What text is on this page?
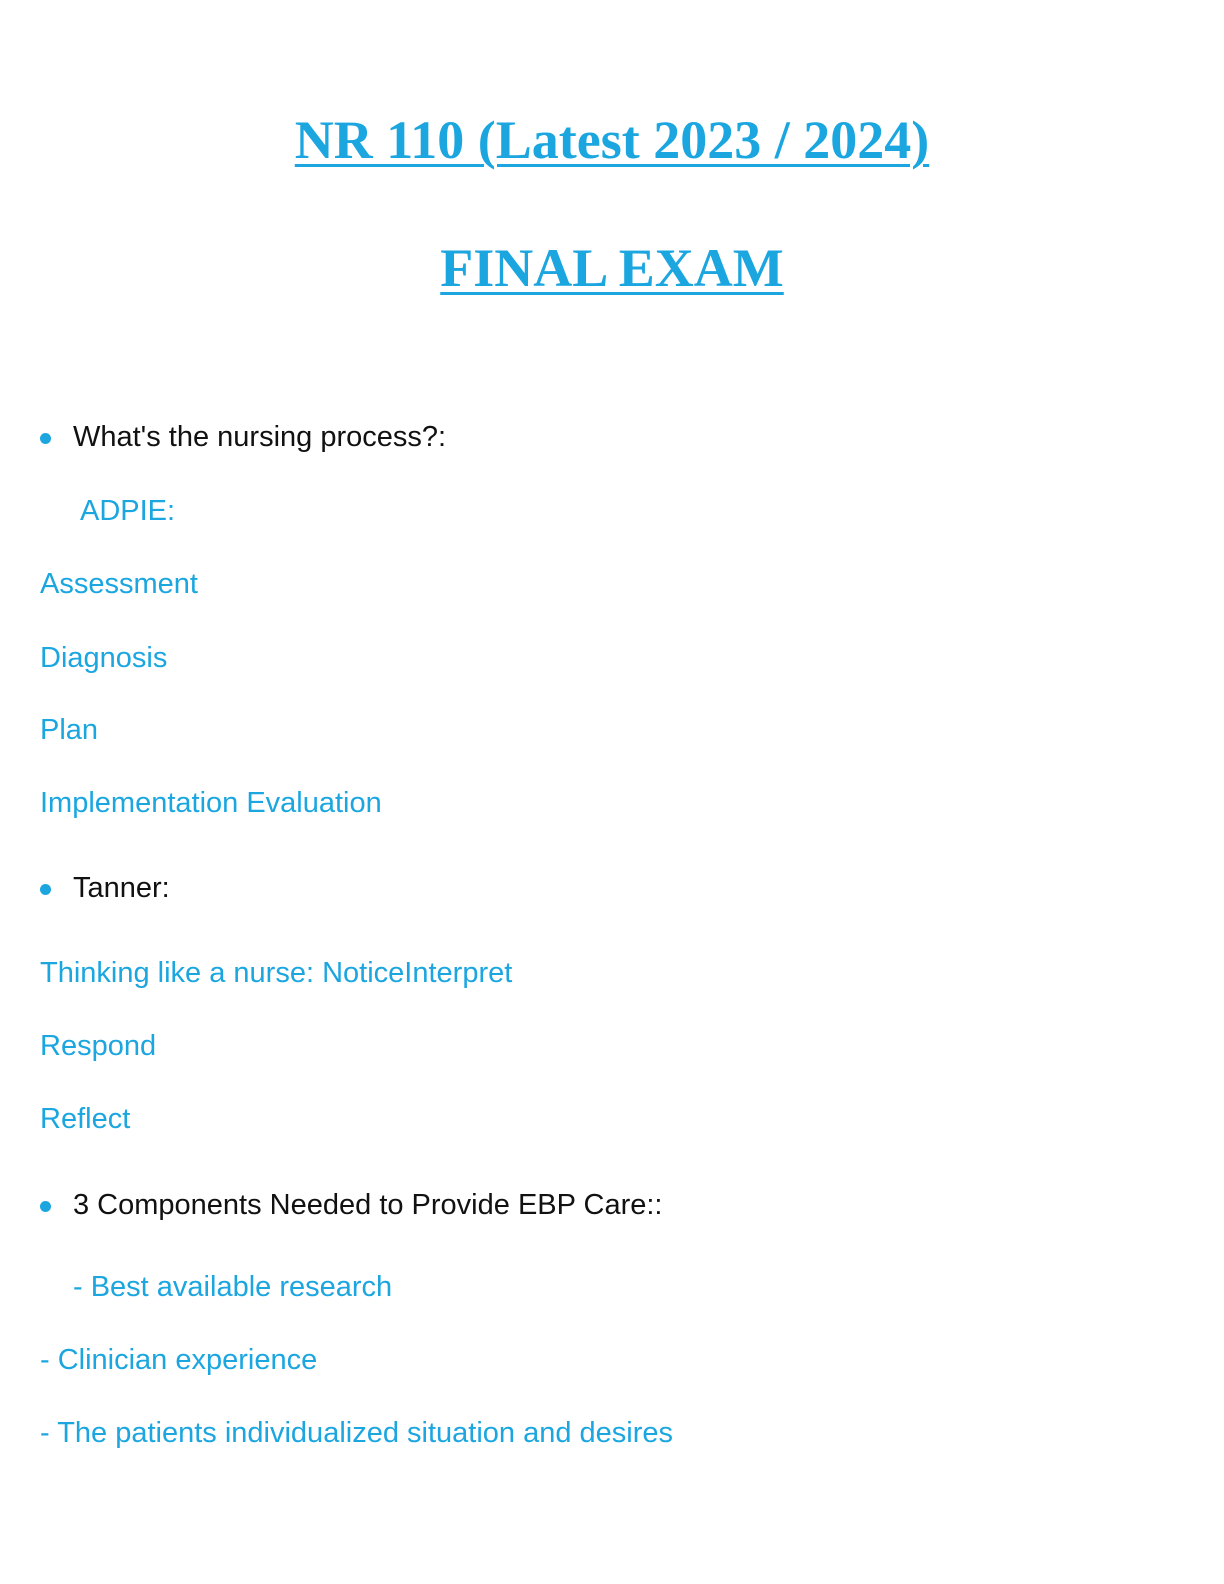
NR 110 (Latest 2023 / 2024)
FINAL EXAM

What's the nursing process?:

ADPIE:

Assessment

Diagnosis

Plan

Implementation Evaluation

Tanner:

Thinking like a nurse: NoticeInterpret

Respond

Reflect

3 Components Needed to Provide EBP Care::

- Best available research

- Clinician experience

- The patients individualized situation and desires
